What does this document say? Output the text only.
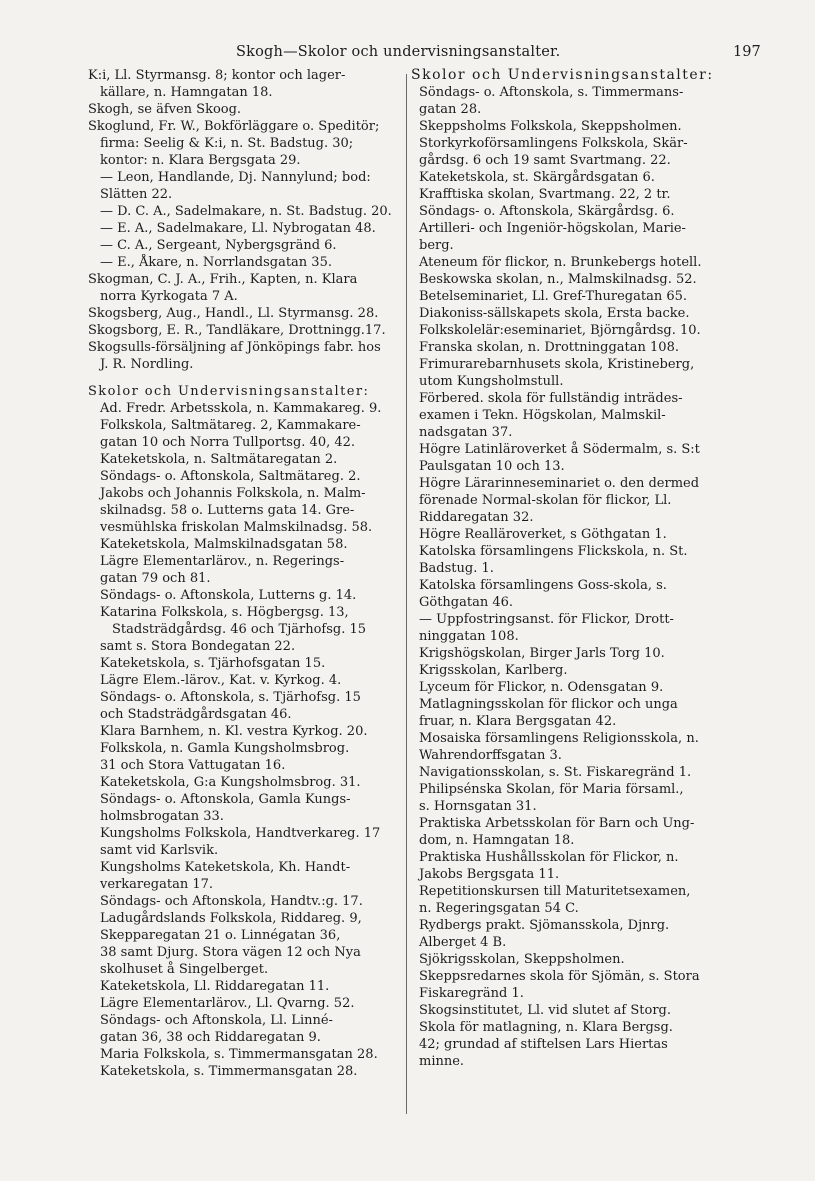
Skogh—Skolor och undervisningsanstalter.	197
K:i, Ll. Styrmansg. 8; kontor och lager-
källare, n. Hamngatan 18.
Skogh, se äfven Skoog.
Skoglund, Fr. W., Bokförläggare o. Speditör;
firma: Seelig & K:i, n. St. Badstug. 30;
kontor: n. Klara Bergsgata 29.
— Leon, Handlande, Dj. Nannylund; bod:
Slätten 22.
— D. C. A., Sadelmakare, n. St. Badstug. 20.
— E. A., Sadelmakare, Ll. Nybrogatan 48.
— C. A., Sergeant, Nybergsgränd 6.
— E., Åkare, n. Norrlandsgatan 35.
Skogman, C. J. A., Frih., Kapten, n. Klara
norra Kyrkogata 7 A.
Skogsberg, Aug., Handl., Ll. Styrmansg. 28.
Skogsborg, E. R., Tandläkare, Drottningg.17.
Skogsulls-försäljning af Jönköpings fabr. hos
J. R. Nordling.
Skolor och Undervisningsanstalter:
Ad. Fredr. Arbetsskola, n. Kammakareg. 9.
Folkskola, Saltmätareg. 2, Kammakare-
gatan 10 och Norra Tullportsg. 40, 42.
Kateketskola, n. Saltmätaregatan 2.
Söndags- o. Aftonskola, Saltmätareg. 2.
Jakobs och Johannis Folkskola, n. Malm-
skilnadsg. 58 o. Lutterns gata 14. Gre-
vesmühlska friskolan Malmskilnadsg. 58.
Kateketskola, Malmskilnadsgatan 58.
Lägre Elementarlärov., n. Regerings-
gatan 79 och 81.
Söndags- o. Aftonskola, Lutterns g. 14.
Katarina Folkskola, s. Högbergsg. 13,
Stadsträdgårdsg. 46 och Tjärhofsg. 15
samt s. Stora Bondegatan 22.
Kateketskola, s. Tjärhofsgatan 15.
Lägre Elem.-lärov., Kat. v. Kyrkog. 4.
Söndags- o. Aftonskola, s. Tjärhofsg. 15
och Stadsträdgårdsgatan 46.
Klara Barnhem, n. Kl. vestra Kyrkog. 20.
Folkskola, n. Gamla Kungsholmsbrog.
31 och Stora Vattugatan 16.
Kateketskola, G:a Kungsholmsbrog. 31.
Söndags- o. Aftonskola, Gamla Kungs-
holmsbrogatan 33.
Kungsholms Folkskola, Handtverkareg. 17
samt vid Karlsvik.
Kungsholms Kateketskola, Kh. Handt-
verkaregatan 17.
Söndags- och Aftonskola, Handtv.:g. 17.
Ladugårdslands Folkskola, Riddareg. 9,
Skepparegatan 21 o. Linnégatan 36,
38 samt Djurg. Stora vägen 12 och Nya
skolhuset å Singelberget.
Kateketskola, Ll. Riddaregatan 11.
Lägre Elementarlärov., Ll. Qvarng. 52.
Söndags- och Aftonskola, Ll. Linné-
gatan 36, 38 och Riddaregatan 9.
Maria Folkskola, s. Timmermansgatan 28.
Kateketskola, s. Timmermansgatan 28.
Skolor och Undervisningsanstalter:
Söndags- o. Aftonskola, s. Timmermans-
gatan 28.
Skeppsholms Folkskola, Skeppsholmen.
Storkyrkoförsamlingens Folkskola, Skär-
gårdsg. 6 och 19 samt Svartmang. 22.
Kateketskola, st. Skärgårdsgatan 6.
Krafftiska skolan, Svartmang. 22, 2 tr.
Söndags- o. Aftonskola, Skärgårdsg. 6.
Artilleri- och Ingeniör-högskolan, Marie-
berg.
Ateneum för flickor, n. Brunkebergs hotell.
Beskowska skolan, n., Malmskilnadsg. 52.
Betelseminariet, Ll. Gref-Thuregatan 65.
Diakoniss-sällskapets skola, Ersta backe.
Folkskolelär:eseminariet, Björngårdsg. 10.
Franska skolan, n. Drottninggatan 108.
Frimurarebarnhusets skola, Kristineberg,
utom Kungsholmstull.
Förbered. skola för fullständig inträdes-
examen i Tekn. Högskolan, Malmskil-
nadsgatan 37.
Högre Latinläroverket å Södermalm, s. S:t
Paulsgatan 10 och 13.
Högre Lärarinneseminariet o. den dermed
förenade Normal-skolan för flickor, Ll.
Riddaregatan 32.
Högre Realläroverket, s Göthgatan 1.
Katolska församlingens Flickskola, n. St.
Badstug. 1.
Katolska församlingens Goss-skola, s.
Göthgatan 46.
— Uppfostringsanst. för Flickor, Drott-
ninggatan 108.
Krigshögskolan, Birger Jarls Torg 10.
Krigsskolan, Karlberg.
Lyceum för Flickor, n. Odensgatan 9.
Matlagningsskolan för flickor och unga
fruar, n. Klara Bergsgatan 42.
Mosaiska församlingens Religionsskola, n.
Wahrendorffsgatan 3.
Navigationsskolan, s. St. Fiskaregränd 1.
Philipsénska Skolan, för Maria församl.,
s. Hornsgatan 31.
Praktiska Arbetsskolan för Barn och Ung-
dom, n. Hamngatan 18.
Praktiska Hushållsskolan för Flickor, n.
Jakobs Bergsgata 11.
Repetitionskursen till Maturitetsexamen,
n. Regeringsgatan 54 C.
Rydbergs prakt. Sjömansskola, Djnrg.
Alberget 4 B.
Sjökrigsskolan, Skeppsholmen.
Skeppsredarnes skola för Sjömän, s. Stora
Fiskaregränd 1.
Skogsinstitutet, Ll. vid slutet af Storg.
Skola för matlagning, n. Klara Bergsg.
42; grundad af stiftelsen Lars Hiertas
minne.
